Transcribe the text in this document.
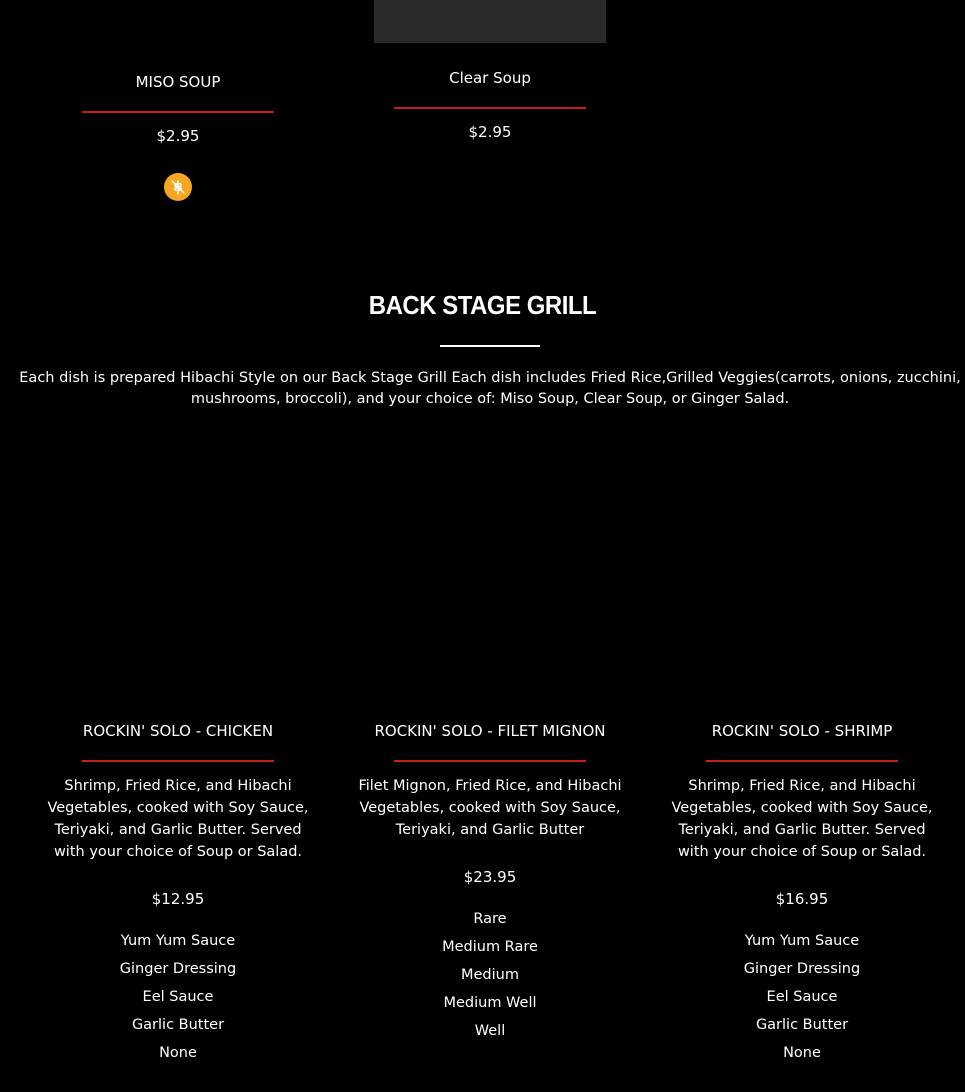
MISO SOUP
$2.95
Clear Soup
$2.95
BACK STAGE GRILL
Each dish is prepared Hibachi Style on our Back Stage Grill Each dish includes Fried Rice,Grilled Veggies(carrots, onions, zucchini, mushrooms, broccoli), and your choice of: Miso Soup, Clear Soup, or Ginger Salad.
ROCKIN' SOLO - CHICKEN
Shrimp, Fried Rice, and Hibachi Vegetables, cooked with Soy Sauce, Teriyaki, and Garlic Butter. Served with your choice of Soup or Salad.
$12.95
Yum Yum Sauce
Ginger Dressing
Eel Sauce
Garlic Butter
None
ROCKIN' SOLO - FILET MIGNON
Filet Mignon, Fried Rice, and Hibachi Vegetables, cooked with Soy Sauce, Teriyaki, and Garlic Butter
$23.95
Rare
Medium Rare
Medium
Medium Well
Well
ROCKIN' SOLO - SHRIMP
Shrimp, Fried Rice, and Hibachi Vegetables, cooked with Soy Sauce, Teriyaki, and Garlic Butter. Served with your choice of Soup or Salad.
$16.95
Yum Yum Sauce
Ginger Dressing
Eel Sauce
Garlic Butter
None
